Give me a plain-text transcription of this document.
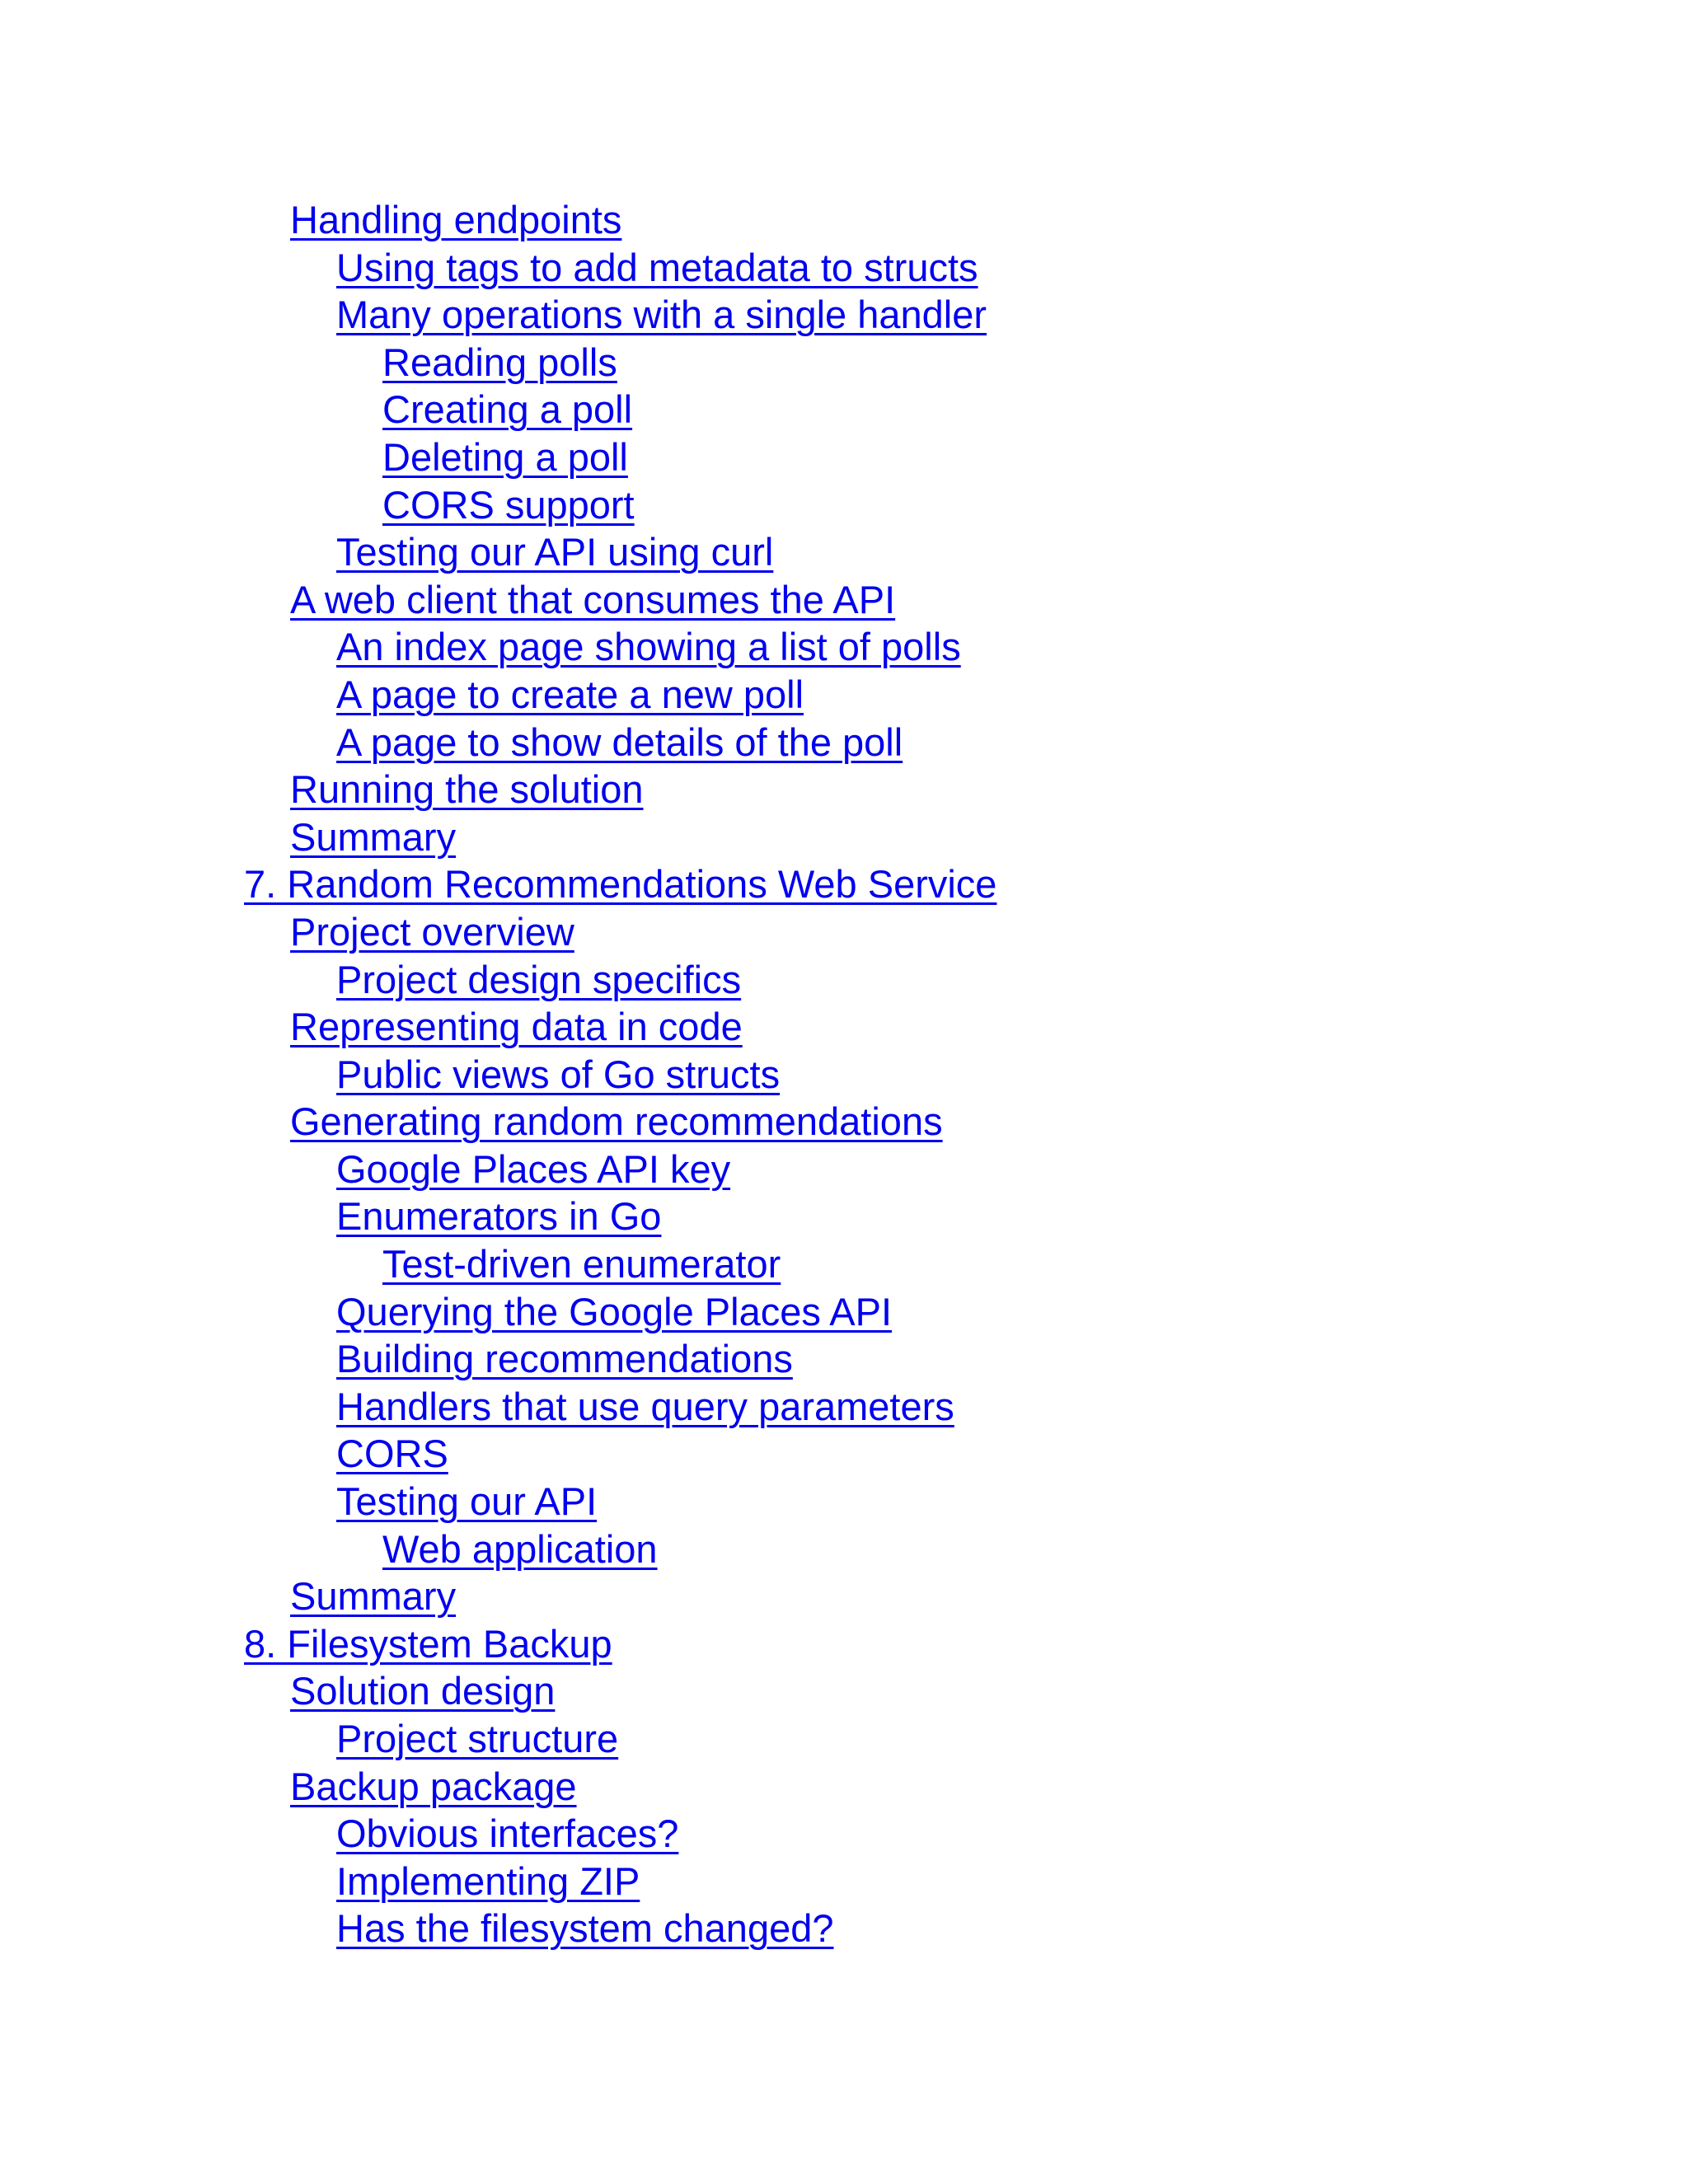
Handling endpoints
Using tags to add metadata to structs
Many operations with a single handler
Reading polls
Creating a poll
Deleting a poll
CORS support
Testing our API using curl
A web client that consumes the API
An index page showing a list of polls
A page to create a new poll
A page to show details of the poll
Running the solution
Summary
7. Random Recommendations Web Service
Project overview
Project design specifics
Representing data in code
Public views of Go structs
Generating random recommendations
Google Places API key
Enumerators in Go
Test-driven enumerator
Querying the Google Places API
Building recommendations
Handlers that use query parameters
CORS
Testing our API
Web application
Summary
8. Filesystem Backup
Solution design
Project structure
Backup package
Obvious interfaces?
Implementing ZIP
Has the filesystem changed?
